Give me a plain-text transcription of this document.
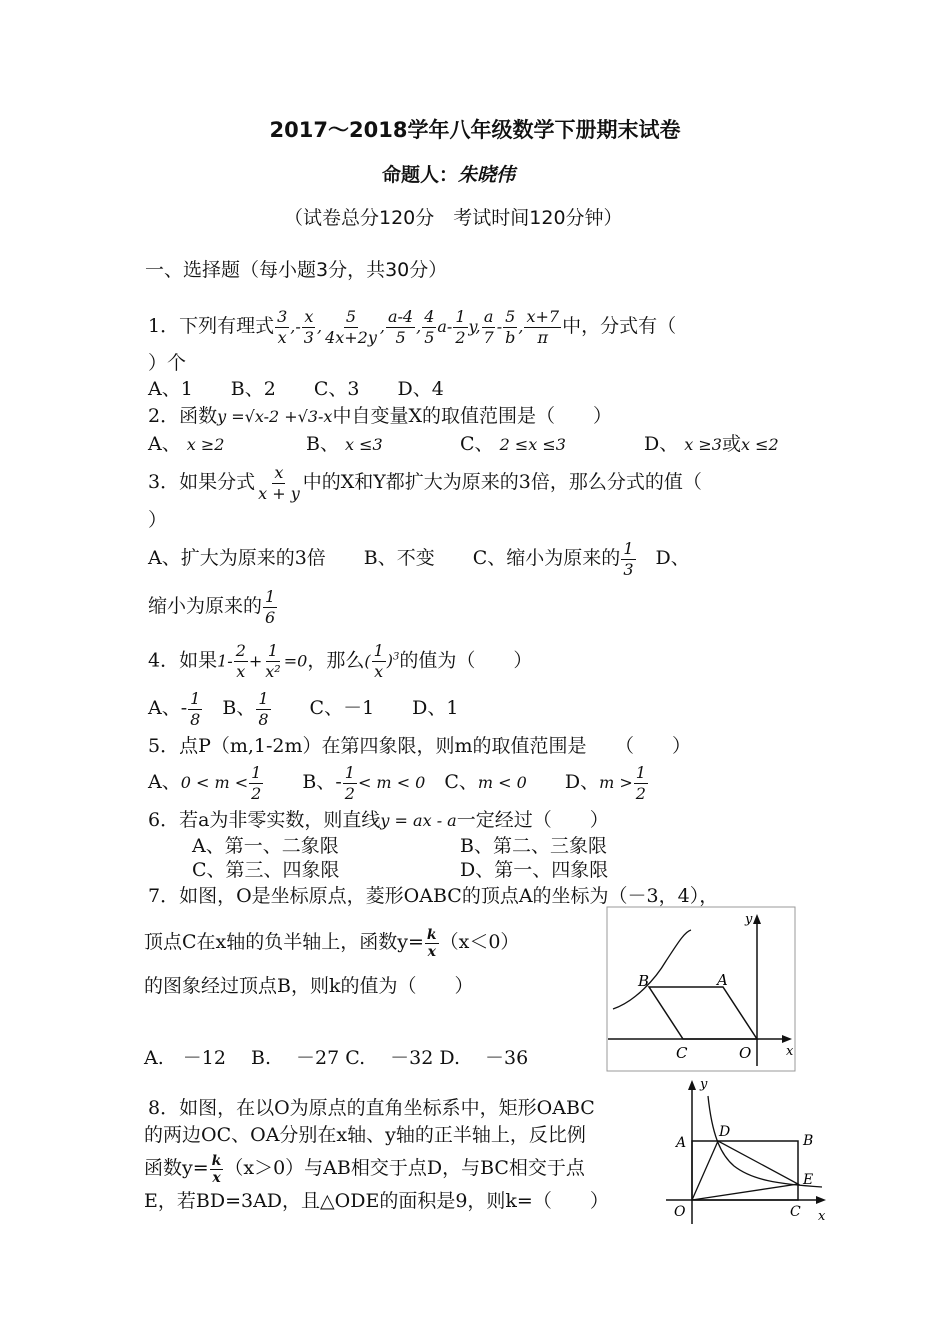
2017～2018学年八年级数学下册期末试卷
命题人：朱晓伟
（试卷总分120分　考试时间120分钟）
一、选择题（每小题3分，共30分）
1．下列有理式 $\frac{3}{x}$ ,- $\frac{x}{3}$ , $\frac{5}{4x+2y}$ , $\frac{a-4}{5}$ , $\frac{4}{5} a- \frac{1}{2} y$, $\frac{a}{7} - \frac{5}{b}$ , $\frac{x+7}{\pi}$ 中，分式有（
）个
A、1　　B、2　　C、3　　D、4
2．函数y =√x-2 +√3-x中自变量X的取值范围是（　　）
A、 x ≥2	B、 x ≤3	C、 2 ≤x ≤3	D、 x ≥3或x ≤2
3．如果分式 $\frac{x}{x + y}$ 中的X和Y都扩大为原来的3倍，那么分式的值（
）
A、扩大为原来的3倍　　B、不变　　C、缩小为原来的 $\frac{1}{3}$
　 D、
缩小为原来的 $\frac{1}{6}$
4．如果$1- \frac{2}{x} + \frac{1}{\text{x²}} =0$，那么( $\frac{1}{x} )^3$的值为（　　）
A、- $\frac{1}{8}$
　 B、 $\frac{1}{8}$
　　 C、－1　　D、1
5．点P（m,1-2m）在第四象限，则m的取值范围是　　（　　）
A、$0 < m < \frac{1}{2}$
　　 B、- $\frac{1}{2} < m < 0$　 C、m < 0　　 D、$m > \frac{1}{2}$
6．若a为非零实数，则直线y = ax - a一定经过（　　）
A、第一、二象限	B、第二、三象限
C、第三、四象限	D、第一、四象限
7．如图，O是坐标原点，菱形OABC的顶点A的坐标为（－3，4），
顶点C在x轴的负半轴上，函数$y= \frac{k}{x} (x<0)$
的图象经过顶点B，则k的值为（　　）
A.　－12　 B.　 －27 C.　 －32 D.　 －36
B	A
C	O	x
y
8．如图，在以O为原点的直角坐标系中，矩形OABC
的两边OC、OA分别在x轴、y轴的正半轴上，反比例
函数$y= \frac{k}{x} (x>0)$与AB相交于点D，与BC相交于点
E，若BD=3AD，且△ODE的面积是9，则k=（　　）
A
D
B
E
O	C x
y
